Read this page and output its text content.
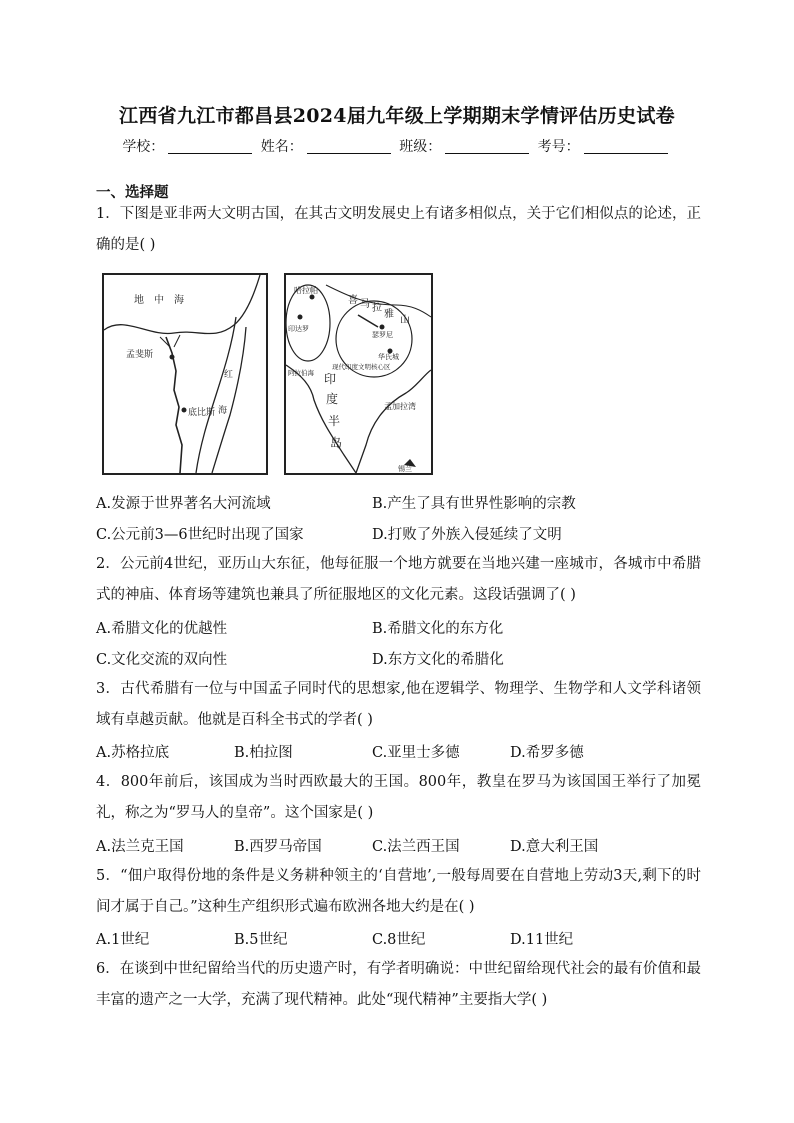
江西省九江市都昌县2024届九年级上学期期末学情评估历史试卷
学校：	姓名：	班级：	考号：
一、选择题
1．下图是亚非两大文明古国，在其古文明发展史上有诸多相似点，关于它们相似点的论述，正确的是( )
地　中　海
孟斐斯
红
底比斯 海
哈拉帕
喜 马 拉
雅
山
印达罗
瑟罗尼
华氏城
现代印度文明核心区
阿拉伯海 印
度
半
岛
孟加拉湾
锡兰
A.发源于世界著名大河流域	B.产生了具有世界性影响的宗教
C.公元前3—6世纪时出现了国家	D.打败了外族入侵延续了文明
2．公元前4世纪，亚历山大东征，他每征服一个地方就要在当地兴建一座城市，各城市中希腊式的神庙、体育场等建筑也兼具了所征服地区的文化元素。这段话强调了( )
A.希腊文化的优越性	B.希腊文化的东方化
C.文化交流的双向性	D.东方文化的希腊化
3．古代希腊有一位与中国孟子同时代的思想家,他在逻辑学、物理学、生物学和人文学科诸领域有卓越贡献。他就是百科全书式的学者( )
A.苏格拉底	B.柏拉图	C.亚里士多德	D.希罗多德
4．800年前后，该国成为当时西欧最大的王国。800年，教皇在罗马为该国国王举行了加冕礼，称之为“罗马人的皇帝”。这个国家是( )
A.法兰克王国	B.西罗马帝国	C.法兰西王国	D.意大利王国
5．“佃户取得份地的条件是义务耕种领主的‘自营地’,一般每周要在自营地上劳动3天,剩下的时间才属于自己。”这种生产组织形式遍布欧洲各地大约是在( )
A.1世纪	B.5世纪	C.8世纪	D.11世纪
6．在谈到中世纪留给当代的历史遗产时，有学者明确说：中世纪留给现代社会的最有价值和最丰富的遗产之一大学，充满了现代精神。此处“现代精神”主要指大学( )
